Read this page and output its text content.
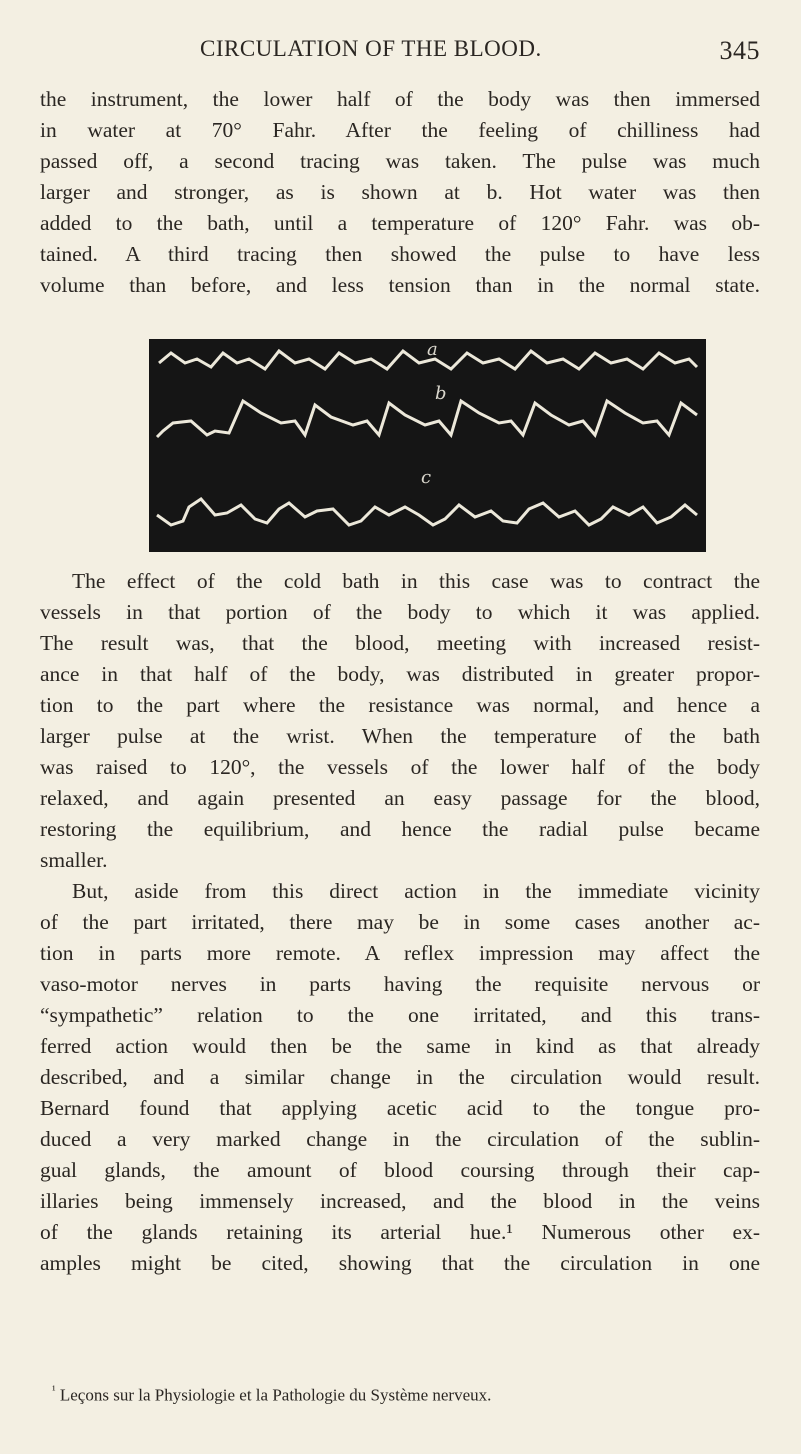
CIRCULATION OF THE BLOOD.	345
the instrument, the lower half of the body was then immersed
in water at 70° Fahr. After the feeling of chilliness had
passed off, a second tracing was taken. The pulse was much
larger and stronger, as is shown at b. Hot water was then
added to the bath, until a temperature of 120° Fahr. was ob-
tained. A third tracing then showed the pulse to have less
volume than before, and less tension than in the normal state.
a
b
c
The effect of the cold bath in this case was to contract the
vessels in that portion of the body to which it was applied.
The result was, that the blood, meeting with increased resist-
ance in that half of the body, was distributed in greater propor-
tion to the part where the resistance was normal, and hence a
larger pulse at the wrist. When the temperature of the bath
was raised to 120°, the vessels of the lower half of the body
relaxed, and again presented an easy passage for the blood,
restoring the equilibrium, and hence the radial pulse became
smaller.
But, aside from this direct action in the immediate vicinity
of the part irritated, there may be in some cases another ac-
tion in parts more remote. A reflex impression may affect the
vaso-motor nerves in parts having the requisite nervous or
“sympathetic” relation to the one irritated, and this trans-
ferred action would then be the same in kind as that already
described, and a similar change in the circulation would result.
Bernard found that applying acetic acid to the tongue pro-
duced a very marked change in the circulation of the sublin-
gual glands, the amount of blood coursing through their cap-
illaries being immensely increased, and the blood in the veins
of the glands retaining its arterial hue.¹ Numerous other ex-
amples might be cited, showing that the circulation in one
$^{^1}$ Leçons sur la Physiologie et la Pathologie du Système nerveux.
